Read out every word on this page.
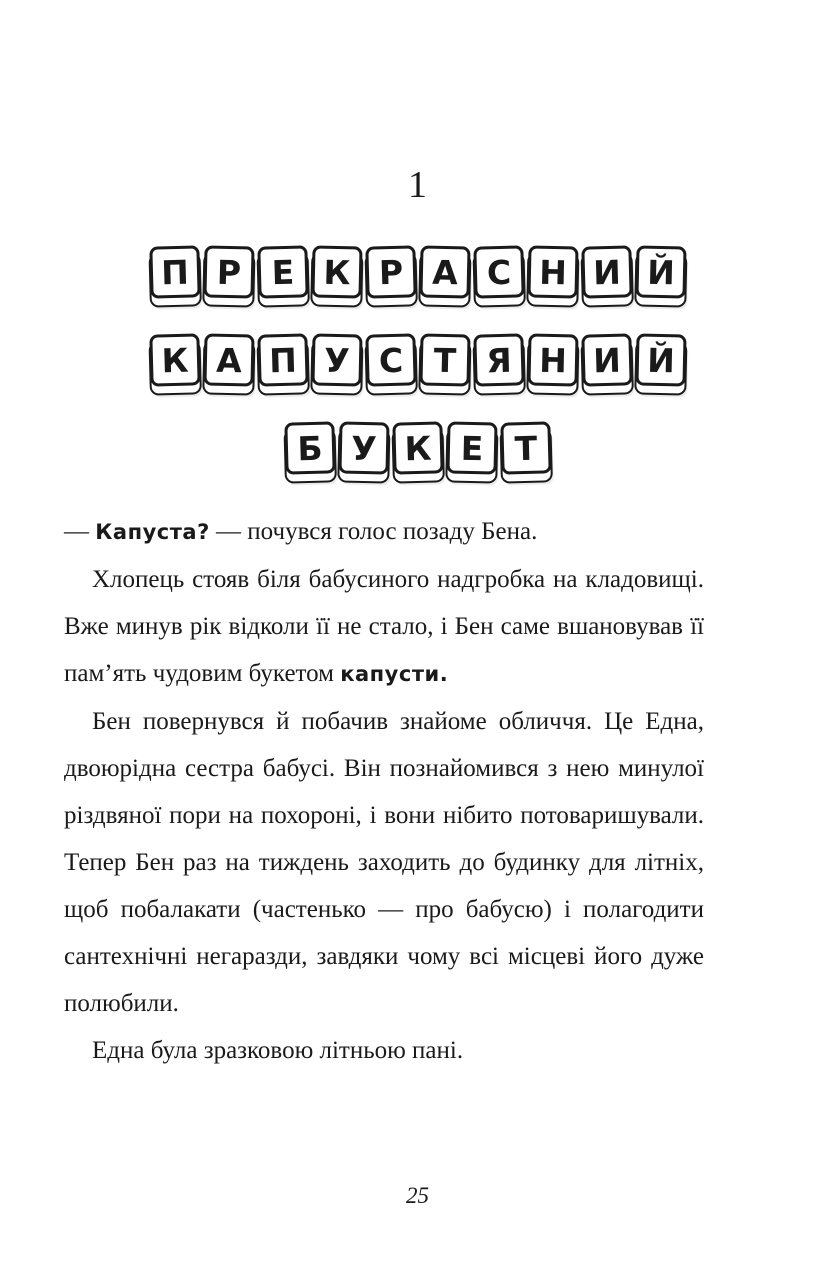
1
П Р Е К Р А С Н И Й
К А П У С Т Я Н И Й
Б У К Е Т

— Капуста? — почувся голос позаду Бена.

Хлопець стояв біля бабусиного надгробка на кладовищі. Вже минув рік відколи її не стало, і Бен саме вшановував її пам’ять чудовим букетом капусти.

Бен повернувся й побачив знайоме обличчя. Це Една, двоюрідна сестра бабусі. Він познайомився з нею минулої різдвяної пори на похороні, і вони нібито потоваришували. Тепер Бен раз на тиждень заходить до будинку для літніх, щоб побалакати (частенько — про бабусю) і полагодити сантехнічні негаразди, завдяки чому всі місцеві його дуже полюбили.

Една була зразковою літньою пані.

25
